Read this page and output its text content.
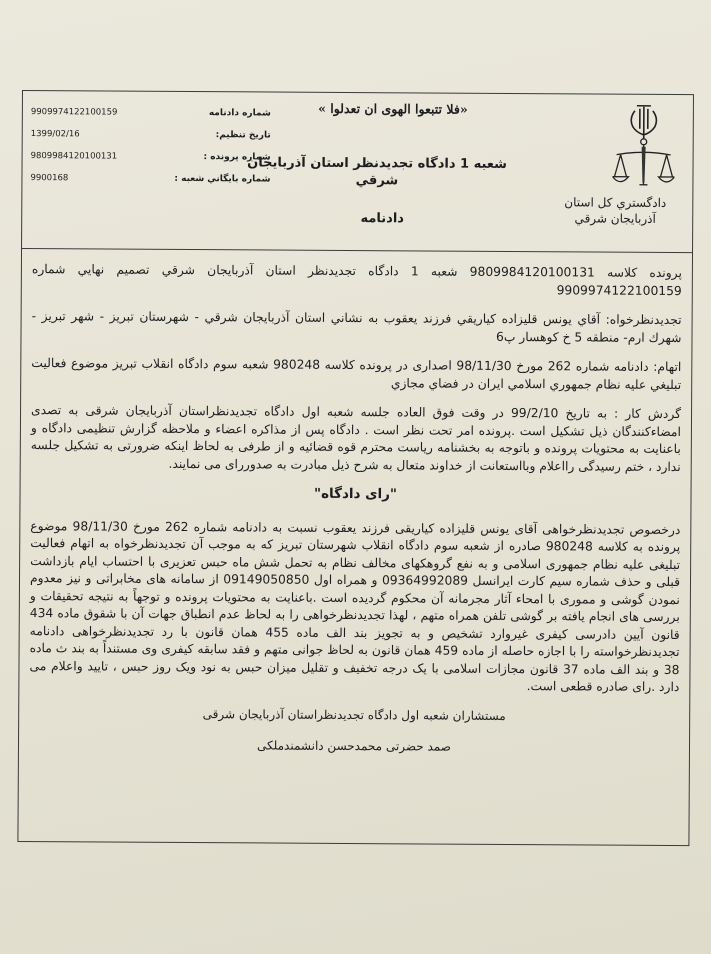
دادگستري کل استان
آذربايجان شرقي
«فلا تتبعوا الهوى ان تعدلوا »
شعبه 1 دادگاه تجديدنظر استان آذربايجان
شرقي
دادنامه
شماره دادنامه
9909974122100159
تاريخ تنظيم:
1399/02/16
شماره پرونده :
9809984120100131
شماره بايگاني شعبه :
9900168

پرونده كلاسه 9809984120100131 شعبه 1 دادگاه تجديدنظر استان آذربايجان شرقي تصميم نهايي شماره 9909974122100159

تجديدنظرخواه: آقاي يونس قليزاده كياريقي فرزند يعقوب به نشاني استان آذربايجان شرقي - شهرستان تبريز - شهر تبريز - شهرك ارم- منطقه 5 خ كوهسار پ6

اتهام: دادنامه شماره 262 مورخ 98/11/30 اصداری در پرونده كلاسه 980248 شعبه سوم دادگاه انقلاب تبريز موضوع فعاليت تبليغي عليه نظام جمهوري اسلامي ايران در فضاي مجازي

گردش كار : به تاريخ 99/2/10 در وقت فوق العاده جلسه شعبه اول دادگاه تجديدنظراستان آذربايجان شرقی به تصدی امضاءكنندگان ذيل تشكيل است .پرونده امر تحت نظر است . دادگاه پس از مذاكره اعضاء و ملاحظه گزارش تنظيمی دادگاه و باعنايت به محتويات پرونده و باتوجه به بخشنامه رياست محترم قوه قضائيه و از طرفی به لحاظ اينكه ضرورتی به تشكيل جلسه ندارد ، ختم رسيدگی رااعلام وبااستعانت از خداوند متعال به شرح ذيل مبادرت به صدوررای می نمايند.

"رای دادگاه"

درخصوص تجديدنظرخواهی آقای يونس قليزاده كياريقی فرزند يعقوب نسبت به دادنامه شماره 262 مورخ 98/11/30 موضوع پرونده به كلاسه 980248 صادره از شعبه سوم دادگاه انقلاب شهرستان تبريز كه به موجب آن تجديدنظرخواه به اتهام فعاليت تبليغی عليه نظام جمهوری اسلامی و به نفع گروهكهای مخالف نظام به تحمل شش ماه حبس تعزيری با احتساب ايام بازداشت قبلی و حذف شماره سيم كارت ايرانسل 09364992089 و همراه اول 09149050850 از سامانه های مخابراتی و نيز معدوم نمودن گوشی و مموری با امحاء آثار مجرمانه آن محكوم گرديده است .باعنايت به محتويات پرونده و توجهاً به نتيجه تحقيقات و بررسی های انجام يافته بر گوشی تلفن همراه متهم ، لهذا تجديدنظرخواهی را به لحاظ عدم انطباق جهات آن با شقوق ماده 434 قانون آيين دادرسی كيفری غيروارد تشخيص و به تجويز بند الف ماده 455 همان قانون با رد تجديدنظرخواهی دادنامه تجديدنظرخواسته را با اجازه حاصله از ماده 459 همان قانون به لحاظ جوانی متهم و فقد سابقه كيفری وی مستنداً به بند ث ماده 38 و بند الف ماده 37 قانون مجازات اسلامی با يک درجه تخفيف و تقليل ميزان حبس به نود ويک روز حبس ، تاييد واعلام می دارد .رای صادره قطعی است.

مستشاران شعبه اول دادگاه تجديدنظراستان آذربايجان شرقی
صمد حضرتی محمدحسن دانشمندملكی
